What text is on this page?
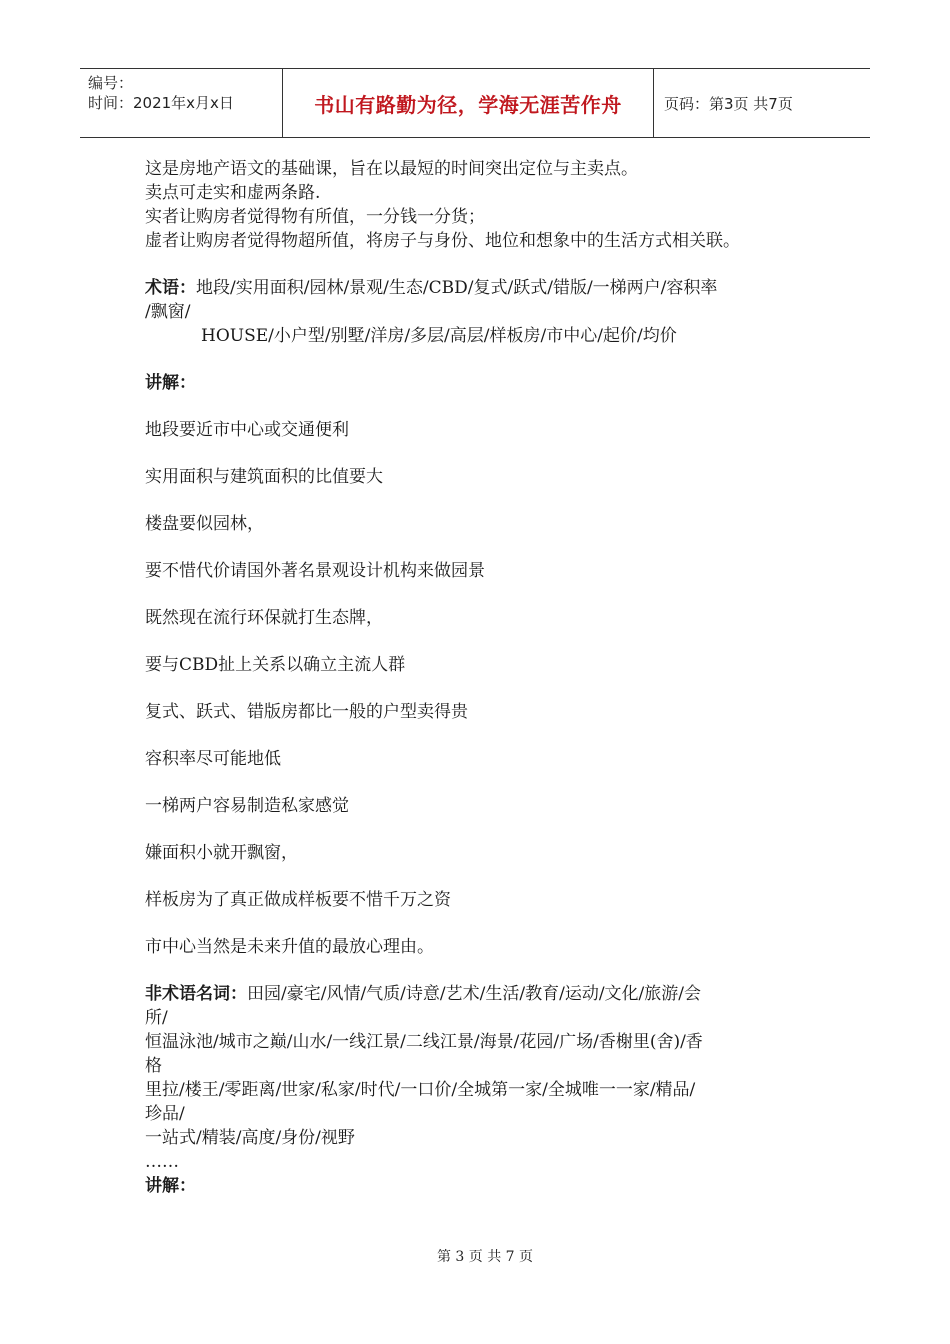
编号：
时间：2021年x月x日	书山有路勤为径，学海无涯苦作舟	页码：第3页 共7页
这是房地产语文的基础课，旨在以最短的时间突出定位与主卖点。
卖点可走实和虚两条路.
实者让购房者觉得物有所值，一分钱一分货；
虚者让购房者觉得物超所值，将房子与身份、地位和想象中的生活方式相关联。
术语：地段/实用面积/园林/景观/生态/CBD/复式/跃式/错版/一梯两户/容积率
/飘窗/
HOUSE/小户型/别墅/洋房/多层/高层/样板房/市中心/起价/均价
讲解：
地段要近市中心或交通便利
实用面积与建筑面积的比值要大
楼盘要似园林，
要不惜代价请国外著名景观设计机构来做园景
既然现在流行环保就打生态牌，
要与CBD扯上关系以确立主流人群
复式、跃式、错版房都比一般的户型卖得贵
容积率尽可能地低
一梯两户容易制造私家感觉
嫌面积小就开飘窗，
样板房为了真正做成样板要不惜千万之资
市中心当然是未来升值的最放心理由。
非术语名词：田园/豪宅/风情/气质/诗意/艺术/生活/教育/运动/文化/旅游/会
所/
恒温泳池/城市之巅/山水/一线江景/二线江景/海景/花园/广场/香榭里(舍)/香
格
里拉/楼王/零距离/世家/私家/时代/一口价/全城第一家/全城唯一一家/精品/
珍品/
一站式/精装/高度/身份/视野
……
讲解：
第 3 页 共 7 页
